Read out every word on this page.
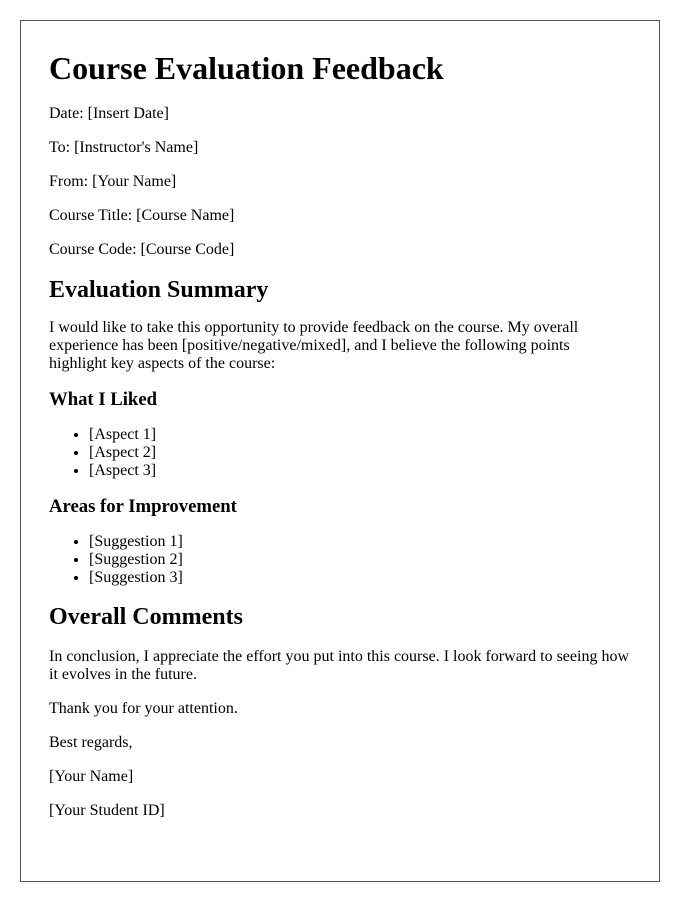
Course Evaluation Feedback

Date: [Insert Date]

To: [Instructor's Name]

From: [Your Name]

Course Title: [Course Name]

Course Code: [Course Code]

Evaluation Summary

I would like to take this opportunity to provide feedback on the course. My overall experience has been [positive/negative/mixed], and I believe the following points highlight key aspects of the course:

What I Liked
• [Aspect 1]
• [Aspect 2]
• [Aspect 3]
Areas for Improvement
• [Suggestion 1]
• [Suggestion 2]
• [Suggestion 3]
Overall Comments

In conclusion, I appreciate the effort you put into this course. I look forward to seeing how it evolves in the future.

Thank you for your attention.

Best regards,

[Your Name]

[Your Student ID]
